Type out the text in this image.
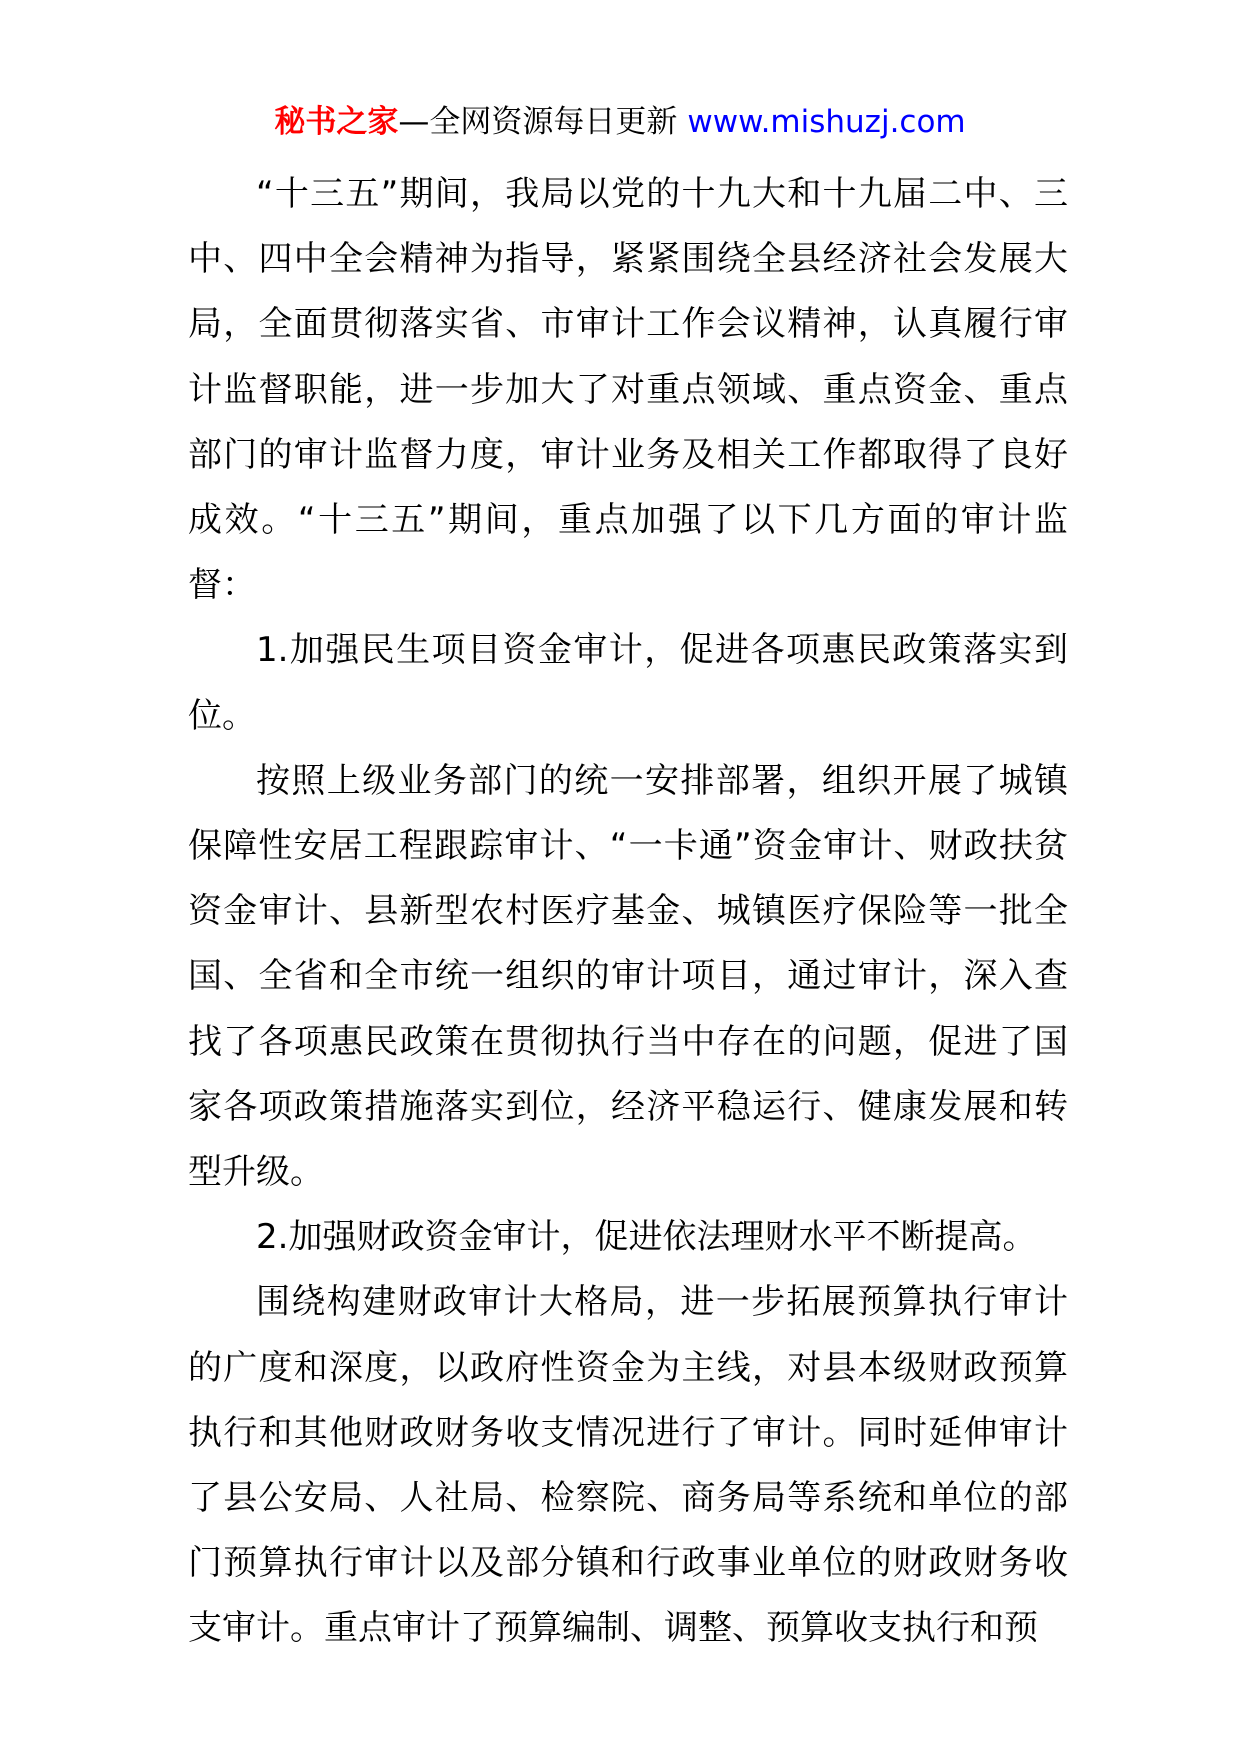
秘书之家—全网资源每日更新 www.mishuzj.com

“十三五”期间，我局以党的十九大和十九届二中、三中、四中全会精神为指导，紧紧围绕全县经济社会发展大局，全面贯彻落实省、市审计工作会议精神，认真履行审计监督职能，进一步加大了对重点领域、重点资金、重点部门的审计监督力度，审计业务及相关工作都取得了良好成效。“十三五”期间，重点加强了以下几方面的审计监督：

1.加强民生项目资金审计，促进各项惠民政策落实到位。

按照上级业务部门的统一安排部署，组织开展了城镇保障性安居工程跟踪审计、“一卡通”资金审计、财政扶贫资金审计、县新型农村医疗基金、城镇医疗保险等一批全国、全省和全市统一组织的审计项目，通过审计，深入查找了各项惠民政策在贯彻执行当中存在的问题，促进了国家各项政策措施落实到位，经济平稳运行、健康发展和转型升级。

2.加强财政资金审计，促进依法理财水平不断提高。

围绕构建财政审计大格局，进一步拓展预算执行审计的广度和深度，以政府性资金为主线，对县本级财政预算执行和其他财政财务收支情况进行了审计。同时延伸审计了县公安局、人社局、检察院、商务局等系统和单位的部门预算执行审计以及部分镇和行政事业单位的财政财务收支审计。重点审计了预算编制、调整、预算收支执行和预
